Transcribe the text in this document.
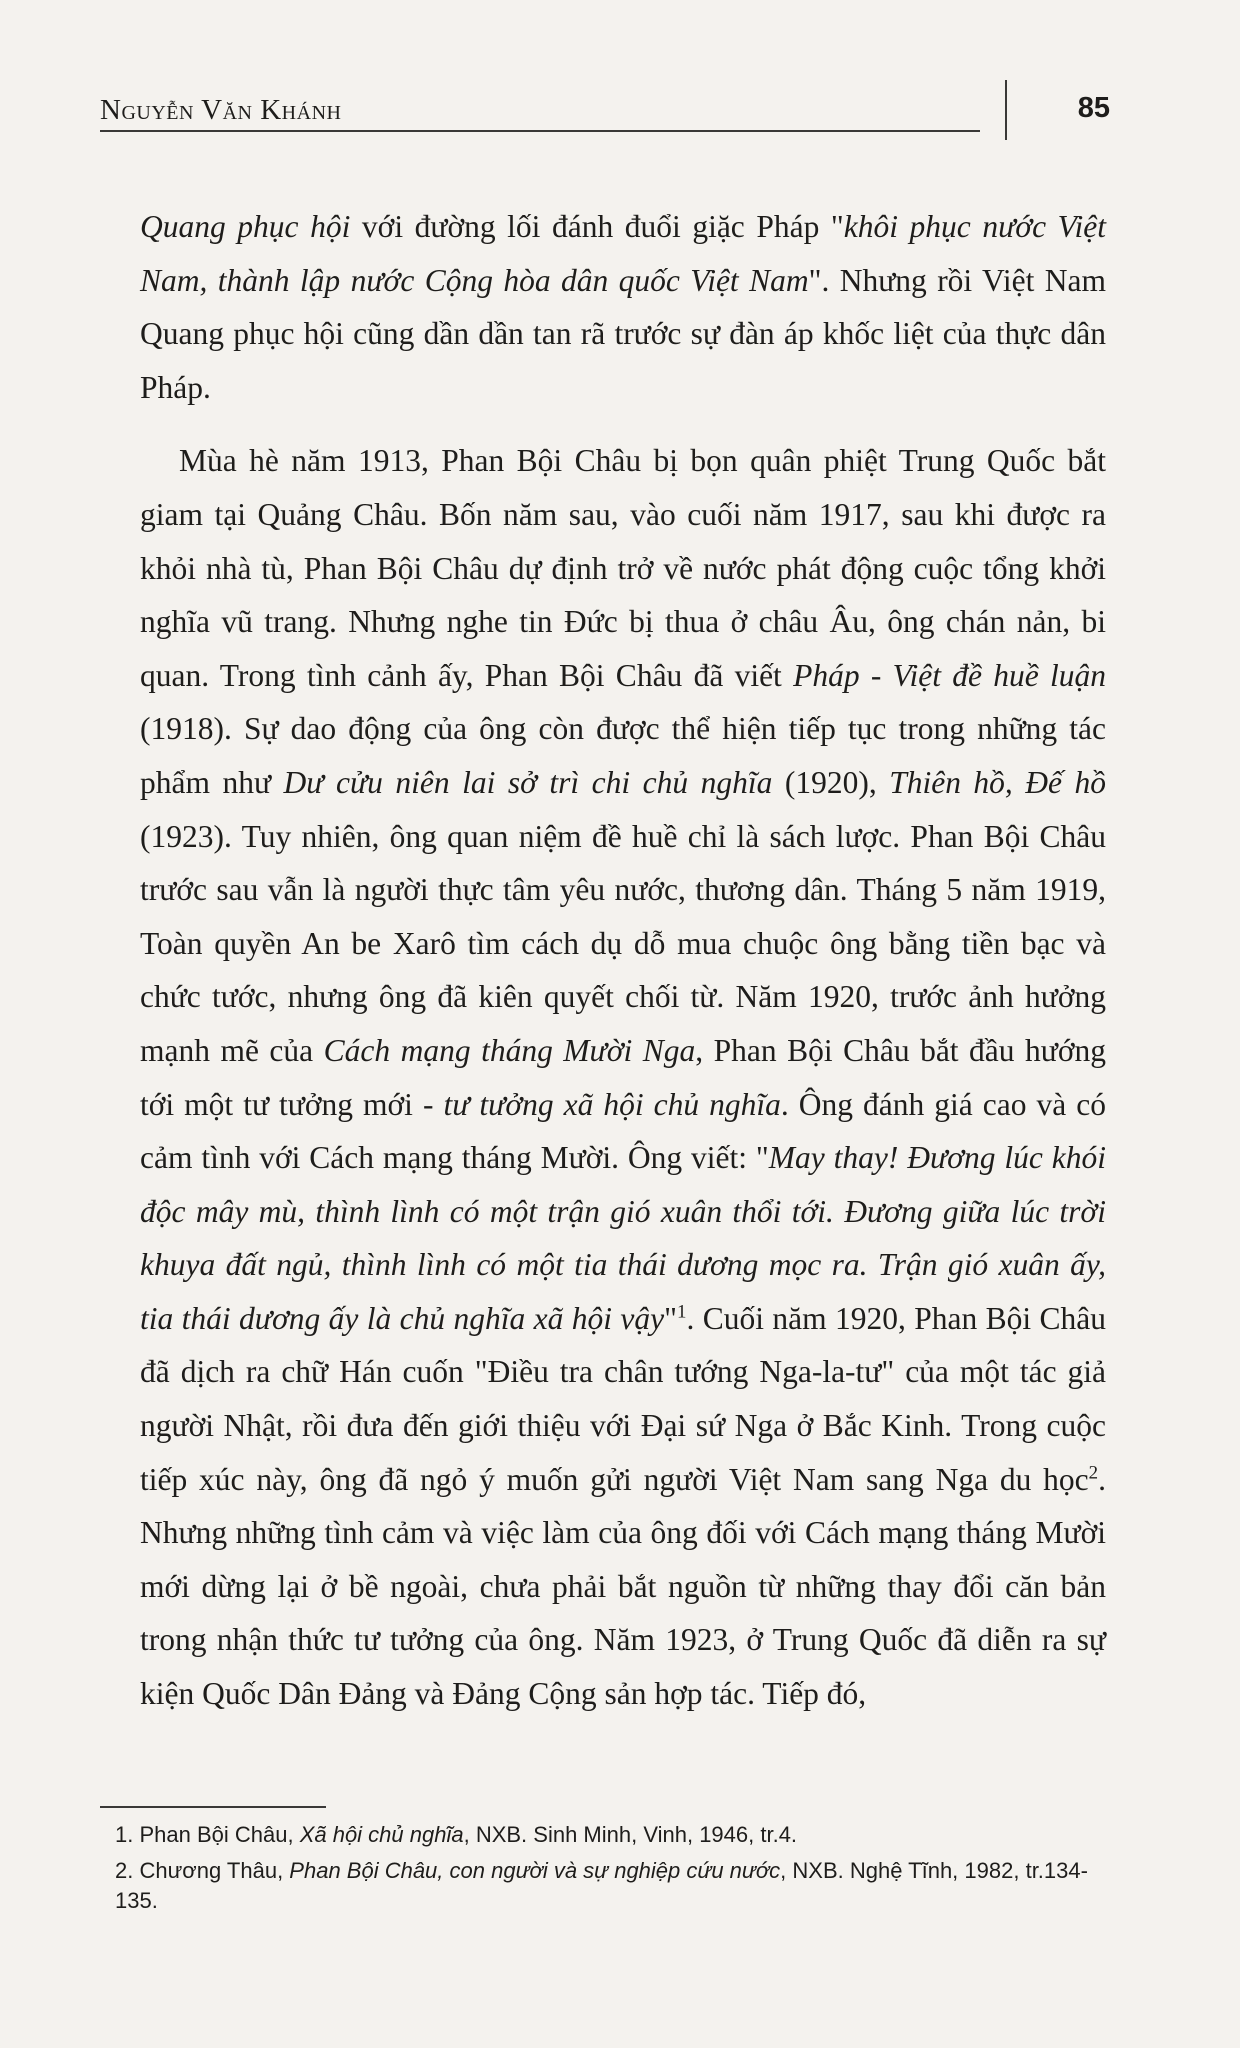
Nguyễn Văn Khánh	85

Quang phục hội với đường lối đánh đuổi giặc Pháp "khôi phục nước Việt Nam, thành lập nước Cộng hòa dân quốc Việt Nam". Nhưng rồi Việt Nam Quang phục hội cũng dần dần tan rã trước sự đàn áp khốc liệt của thực dân Pháp.

Mùa hè năm 1913, Phan Bội Châu bị bọn quân phiệt Trung Quốc bắt giam tại Quảng Châu. Bốn năm sau, vào cuối năm 1917, sau khi được ra khỏi nhà tù, Phan Bội Châu dự định trở về nước phát động cuộc tổng khởi nghĩa vũ trang. Nhưng nghe tin Đức bị thua ở châu Âu, ông chán nản, bi quan. Trong tình cảnh ấy, Phan Bội Châu đã viết Pháp - Việt đề huề luận (1918). Sự dao động của ông còn được thể hiện tiếp tục trong những tác phẩm như Dư cửu niên lai sở trì chi chủ nghĩa (1920), Thiên hồ, Đế hồ (1923). Tuy nhiên, ông quan niệm đề huề chỉ là sách lược. Phan Bội Châu trước sau vẫn là người thực tâm yêu nước, thương dân. Tháng 5 năm 1919, Toàn quyền An be Xarô tìm cách dụ dỗ mua chuộc ông bằng tiền bạc và chức tước, nhưng ông đã kiên quyết chối từ. Năm 1920, trước ảnh hưởng mạnh mẽ của Cách mạng tháng Mười Nga, Phan Bội Châu bắt đầu hướng tới một tư tưởng mới - tư tưởng xã hội chủ nghĩa. Ông đánh giá cao và có cảm tình với Cách mạng tháng Mười. Ông viết: "May thay! Đương lúc khói độc mây mù, thình lình có một trận gió xuân thổi tới. Đương giữa lúc trời khuya đất ngủ, thình lình có một tia thái dương mọc ra. Trận gió xuân ấy, tia thái dương ấy là chủ nghĩa xã hội vậy"$^1$. Cuối năm 1920, Phan Bội Châu đã dịch ra chữ Hán cuốn "Điều tra chân tướng Nga-la-tư" của một tác giả người Nhật, rồi đưa đến giới thiệu với Đại sứ Nga ở Bắc Kinh. Trong cuộc tiếp xúc này, ông đã ngỏ ý muốn gửi người Việt Nam sang Nga du học$^2$. Nhưng những tình cảm và việc làm của ông đối với Cách mạng tháng Mười mới dừng lại ở bề ngoài, chưa phải bắt nguồn từ những thay đổi căn bản trong nhận thức tư tưởng của ông. Năm 1923, ở Trung Quốc đã diễn ra sự kiện Quốc Dân Đảng và Đảng Cộng sản hợp tác. Tiếp đó,

1. Phan Bội Châu, Xã hội chủ nghĩa, NXB. Sinh Minh, Vinh, 1946, tr.4.

2. Chương Thâu, Phan Bội Châu, con người và sự nghiệp cứu nước, NXB. Nghệ Tĩnh, 1982, tr.134-135.
